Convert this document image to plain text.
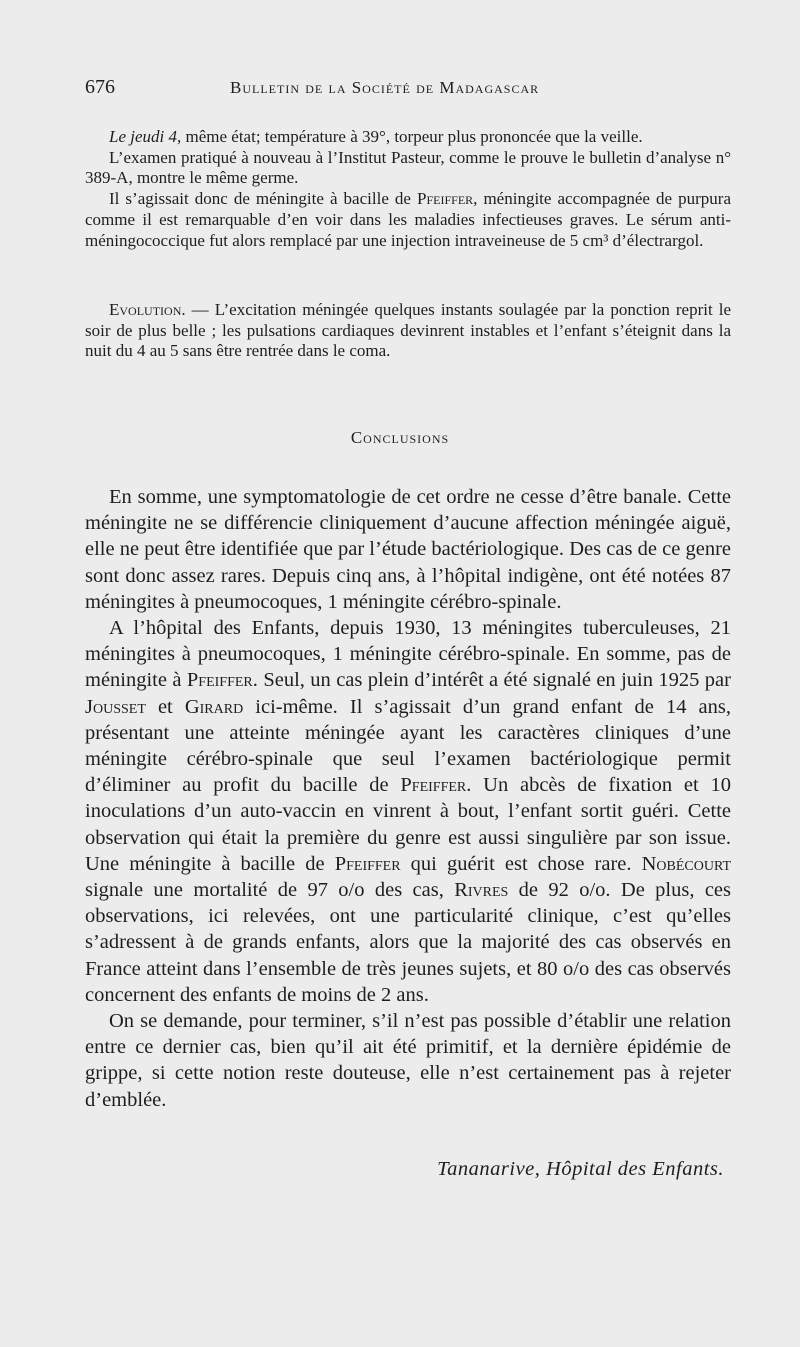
676	Bulletin de la Société de Madagascar

Le jeudi 4, même état; température à 39°, torpeur plus prononcée que la veille.

L’examen pratiqué à nouveau à l’Institut Pasteur, comme le prouve le bulletin d’analyse n° 389-A, montre le même germe.

Il s’agissait donc de méningite à bacille de Pfeiffer, méningite accompagnée de purpura comme il est remarquable d’en voir dans les maladies infectieuses graves. Le sérum anti-méningococcique fut alors remplacé par une injection intraveineuse de 5 cm³ d’électrargol.

Evolution. — L’excitation méningée quelques instants soulagée par la ponction reprit le soir de plus belle ; les pulsations cardiaques devinrent instables et l’enfant s’éteignit dans la nuit du 4 au 5 sans être rentrée dans le coma.

Conclusions

En somme, une symptomatologie de cet ordre ne cesse d’être banale. Cette méningite ne se différencie cliniquement d’aucune affection méningée aiguë, elle ne peut être identifiée que par l’étude bactériologique. Des cas de ce genre sont donc assez rares. Depuis cinq ans, à l’hôpital indigène, ont été notées 87 méningites à pneumocoques, 1 méningite cérébro-spinale.

A l’hôpital des Enfants, depuis 1930, 13 méningites tuberculeuses, 21 méningites à pneumocoques, 1 méningite cérébro-spinale. En somme, pas de méningite à Pfeiffer. Seul, un cas plein d’intérêt a été signalé en juin 1925 par Jousset et Girard ici-même. Il s’agissait d’un grand enfant de 14 ans, présentant une atteinte méningée ayant les caractères cliniques d’une méningite cérébro-spinale que seul l’examen bactériologique permit d’éliminer au profit du bacille de Pfeiffer. Un abcès de fixation et 10 inoculations d’un auto-vaccin en vinrent à bout, l’enfant sortit guéri. Cette observation qui était la première du genre est aussi singulière par son issue. Une méningite à bacille de Pfeiffer qui guérit est chose rare. Nobécourt signale une mortalité de 97 o/o des cas, Rivres de 92 o/o. De plus, ces observations, ici relevées, ont une particularité clinique, c’est qu’elles s’adressent à de grands enfants, alors que la majorité des cas observés en France atteint dans l’ensemble de très jeunes sujets, et 80 o/o des cas observés concernent des enfants de moins de 2 ans.

On se demande, pour terminer, s’il n’est pas possible d’établir une relation entre ce dernier cas, bien qu’il ait été primitif, et la dernière épidémie de grippe, si cette notion reste douteuse, elle n’est certainement pas à rejeter d’emblée.

Tananarive, Hôpital des Enfants.
